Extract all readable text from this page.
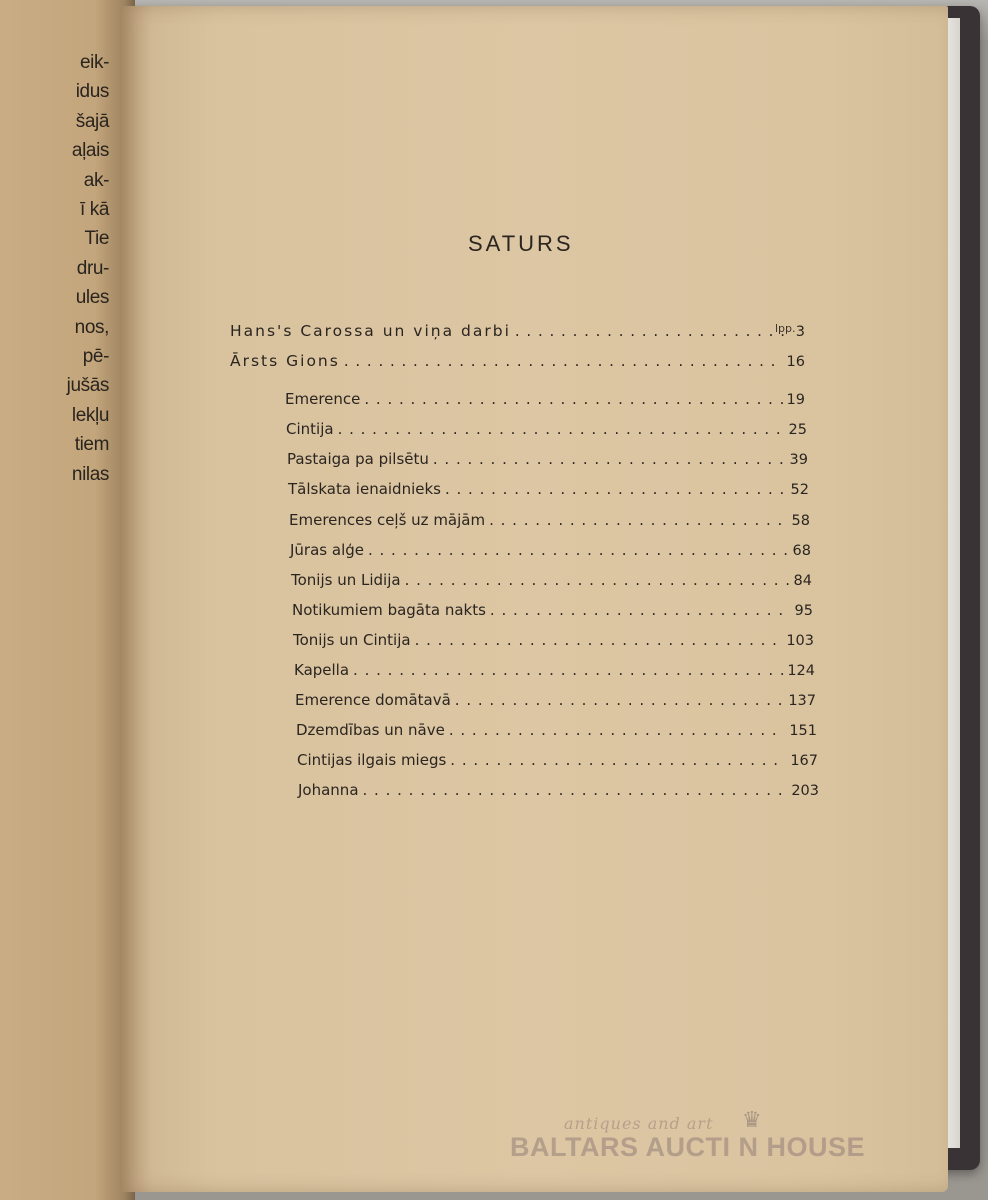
eik-
idus
šajā
aļais
ak-
ī kā
Tie
dru-
ules
nos,
pē-
jušās
lekļu
tiem
nilas
SATURS
lpp.
Hans's Carossa un viņa darbi . . .	3
Ārsts Gions . . .	16
Emerence . . .	19
Cintija . . .	25
Pastaiga pa pilsētu . . .	39
Tālskata ienaidnieks . . .	52
Emerences ceļš uz mājām . . .	58
Jūras alģe . . .	68
Tonijs un Lidija . . .	84
Notikumiem bagāta nakts . . .	95
Tonijs un Cintija . . .	103
Kapella . . .	124
Emerence domātavā . . .	137
Dzemdības un nāve . . .	151
Cintijas ilgais miegs . . .	167
Johanna . . .	203
antiques and art ♛
BALTARS AUCTI N HOUSE
